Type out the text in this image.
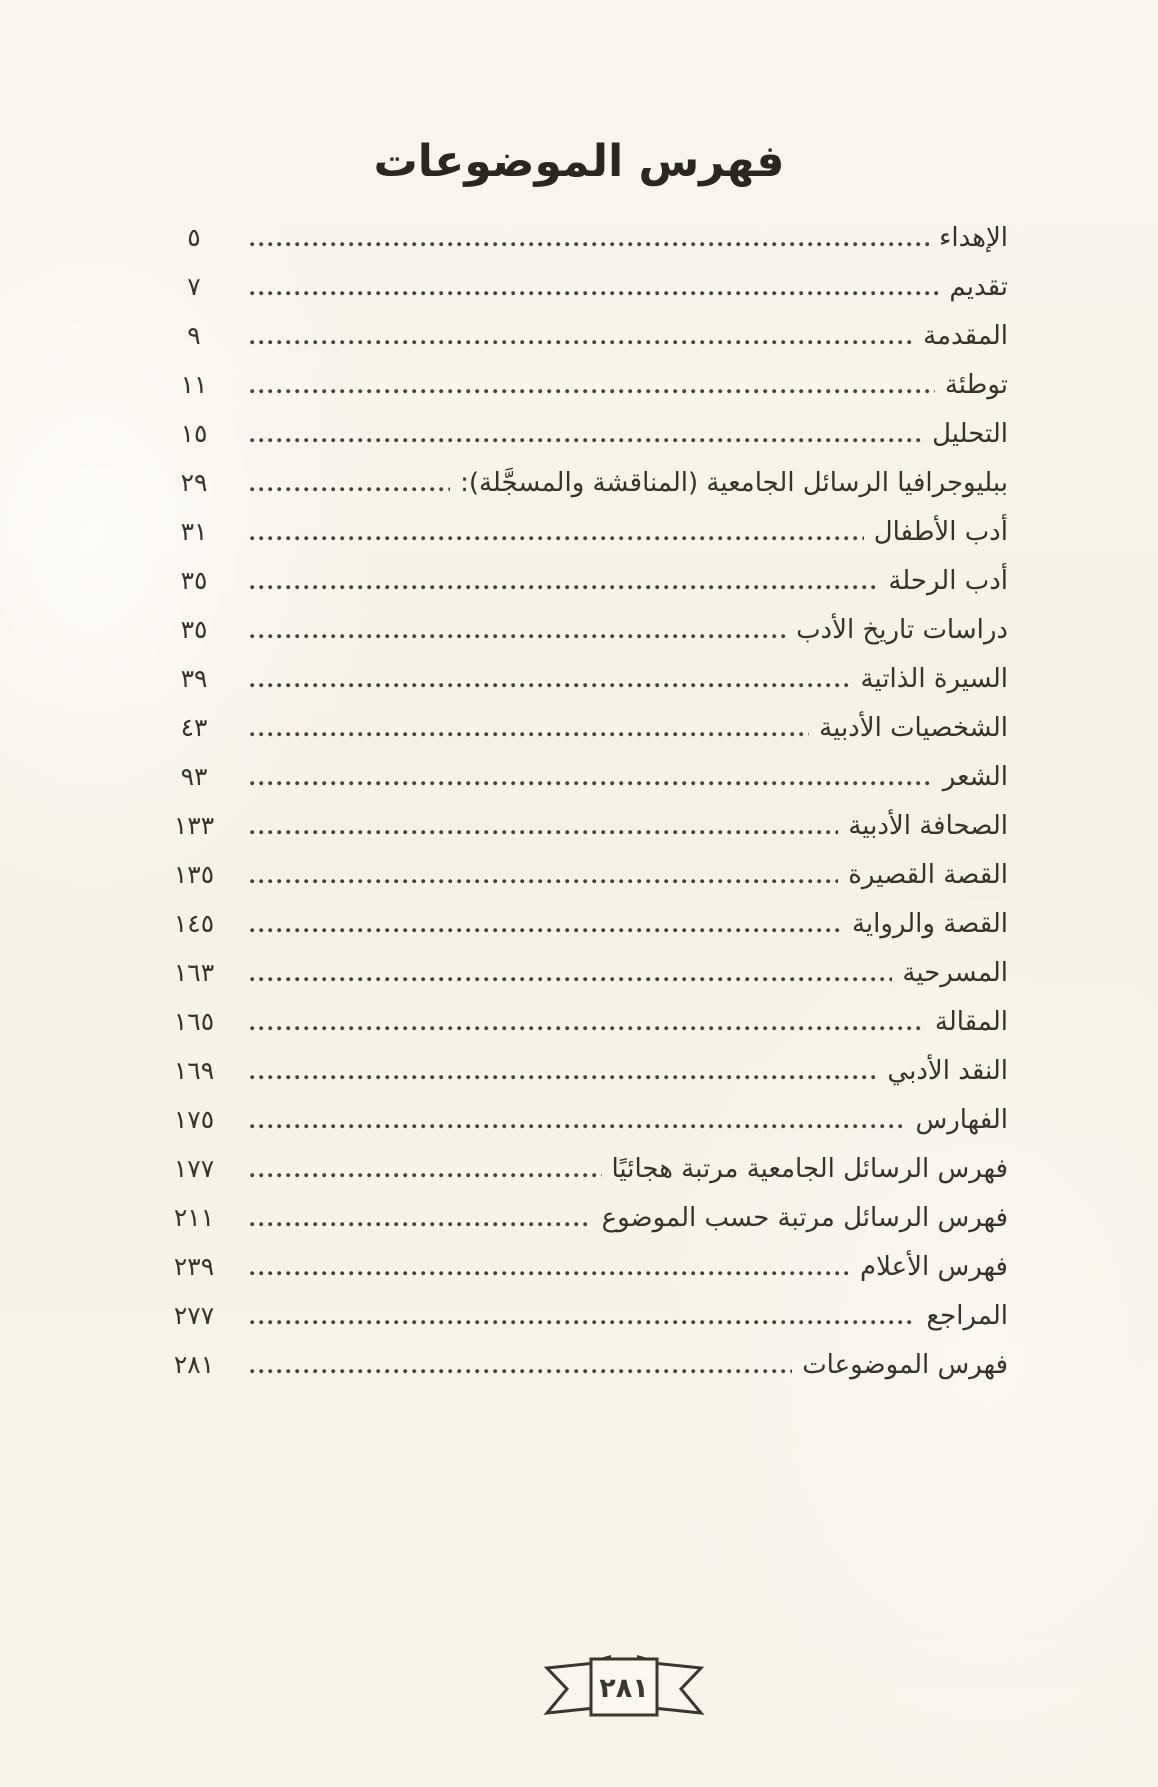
فهرس الموضوعات
الإهداء
٥
تقديم
٧
المقدمة
٩
توطئة
١١
التحليل
١٥
ببليوجرافيا الرسائل الجامعية (المناقشة والمسجَّلة):
٢٩
أدب الأطفال
٣١
أدب الرحلة
٣٥
دراسات تاريخ الأدب
٣٥
السيرة الذاتية
٣٩
الشخصيات الأدبية
٤٣
الشعر
٩٣
الصحافة الأدبية
١٣٣
القصة القصيرة
١٣٥
القصة والرواية
١٤٥
المسرحية
١٦٣
المقالة
١٦٥
النقد الأدبي
١٦٩
الفهارس
١٧٥
فهرس الرسائل الجامعية مرتبة هجائيًا
١٧٧
فهرس الرسائل مرتبة حسب الموضوع
٢١١
فهرس الأعلام
٢٣٩
المراجع
٢٧٧
فهرس الموضوعات
٢٨١
٢٨١
